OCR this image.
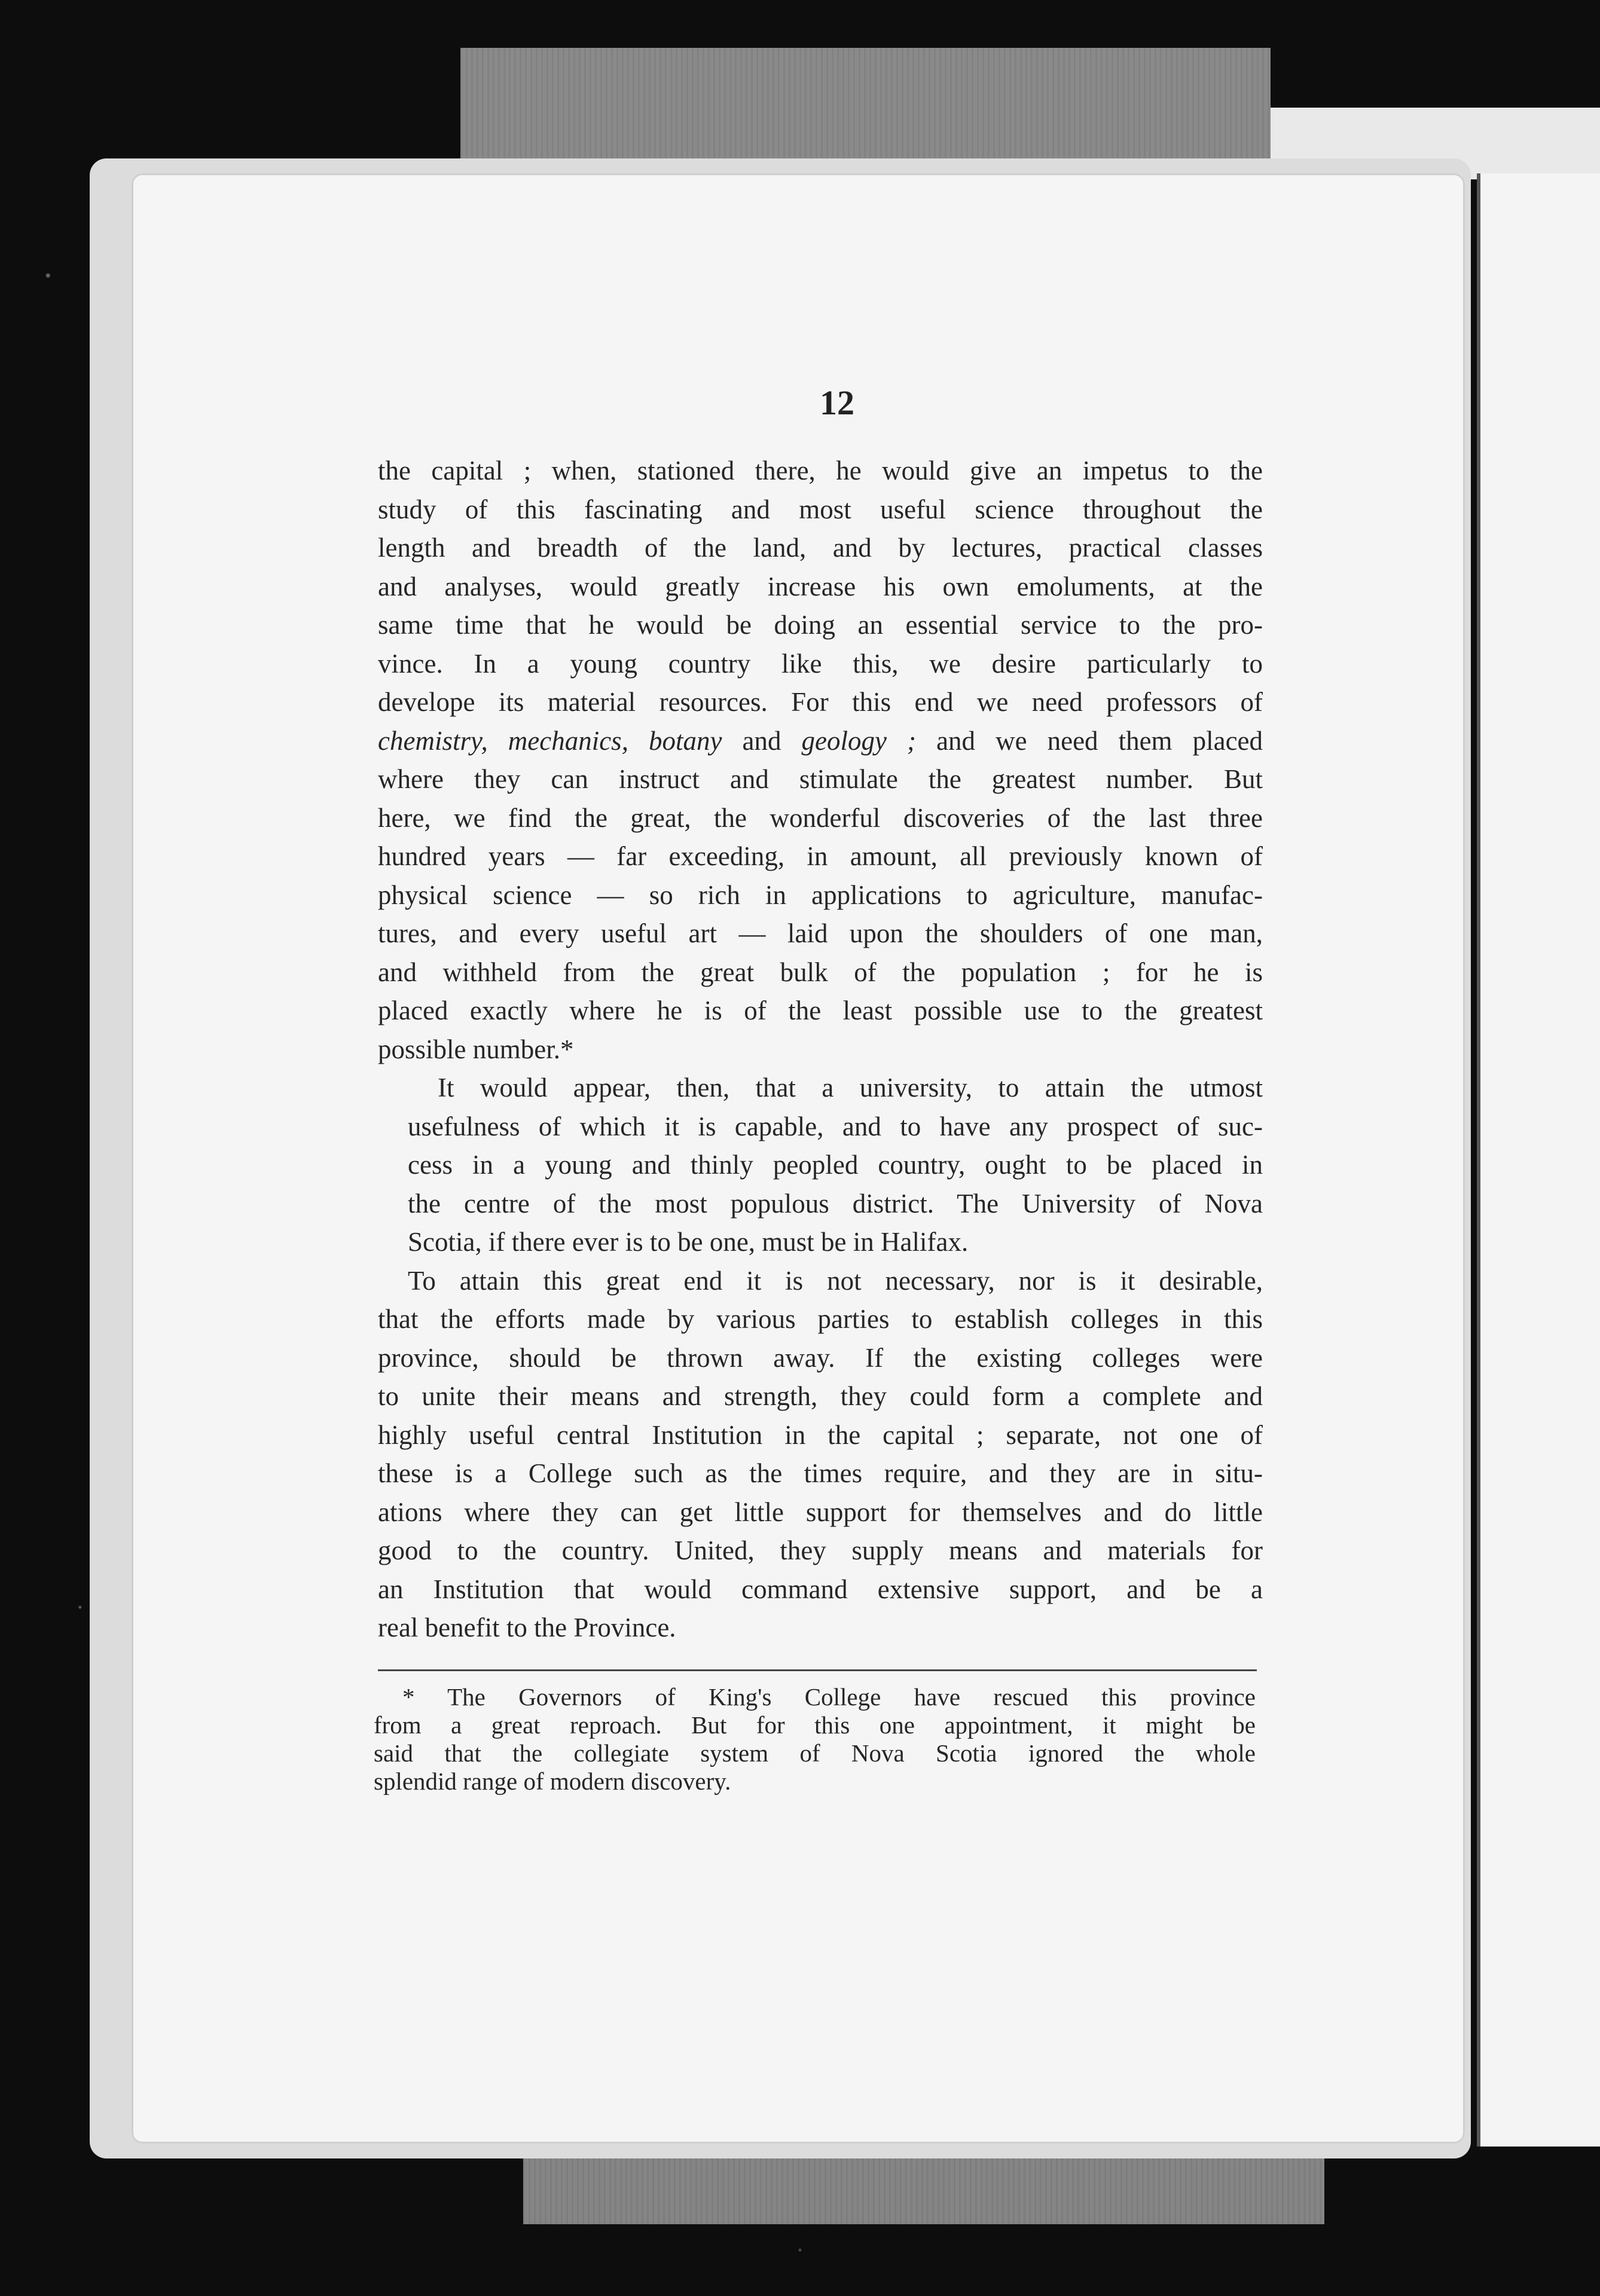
12

the capital ; when, stationed there, he would give an impetus to the
study of this fascinating and most useful science throughout the
length and breadth of the land, and by lectures, practical classes
and analyses, would greatly increase his own emoluments, at the
same time that he would be doing an essential service to the pro-
vince. In a young country like this, we desire particularly to
develope its material resources. For this end we need professors of
chemistry, mechanics, botany and geology ; and we need them placed
where they can instruct and stimulate the greatest number. But
here, we find the great, the wonderful discoveries of the last three
hundred years — far exceeding, in amount, all previously known of
physical science — so rich in applications to agriculture, manufac-
tures, and every useful art — laid upon the shoulders of one man,
and withheld from the great bulk of the population ; for he is
placed exactly where he is of the least possible use to the greatest
possible number.*

It would appear, then, that a university, to attain the utmost
usefulness of which it is capable, and to have any prospect of suc-
cess in a young and thinly peopled country, ought to be placed in
the centre of the most populous district. The University of Nova
Scotia, if there ever is to be one, must be in Halifax.

To attain this great end it is not necessary, nor is it desirable,
that the efforts made by various parties to establish colleges in this
province, should be thrown away. If the existing colleges were
to unite their means and strength, they could form a complete and
highly useful central Institution in the capital ; separate, not one of
these is a College such as the times require, and they are in situ-
ations where they can get little support for themselves and do little
good to the country. United, they supply means and materials for
an Institution that would command extensive support, and be a
real benefit to the Province.

* The Governors of King's College have rescued this province
from a great reproach. But for this one appointment, it might be
said that the collegiate system of Nova Scotia ignored the whole
splendid range of modern discovery.
